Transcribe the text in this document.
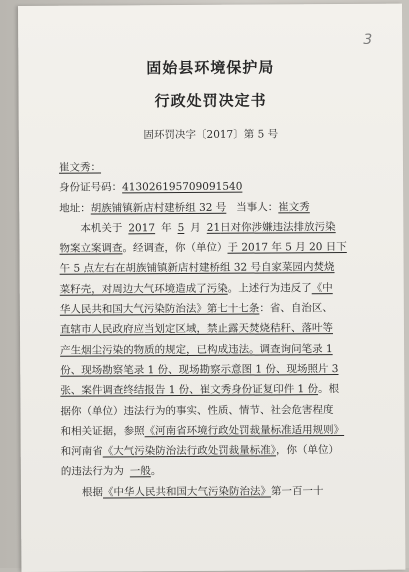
3
固始县环境保护局
行政处罚决定书
固环罚决字〔2017〕第 5 号
崔文秀：
身份证号码：413026195709091540
地址：胡族铺镇新店村建桥组 32 号 当事人：崔文秀
本机关于 2017 年 5 月 21日对你涉嫌违法排放污染
物案立案调查。经调查，你（单位）于 2017 年 5 月 20 日下
午 5 点左右在胡族铺镇新店村建桥组 32 号自家菜园内焚烧
菜籽壳，对周边大气环境造成了污染。上述行为违反了《中
华人民共和国大气污染防治法》第七十七条：省、自治区、
直辖市人民政府应当划定区域，禁止露天焚烧秸秆、落叶等
产生烟尘污染的物质的规定，已构成违法。调查询问笔录 1
份、现场勘察笔录 1 份、现场勘察示意图 1 份、现场照片 3
张、案件调查终结报告 1 份、崔文秀身份证复印件 1 份。根
据你（单位）违法行为的事实、性质、情节、社会危害程度
和相关证据，参照《河南省环境行政处罚裁量标准适用规则》
和河南省《大气污染防治法行政处罚裁量标准》，你（单位）
的违法行为为 一般。
根据《中华人民共和国大气污染防治法》第一百一十
